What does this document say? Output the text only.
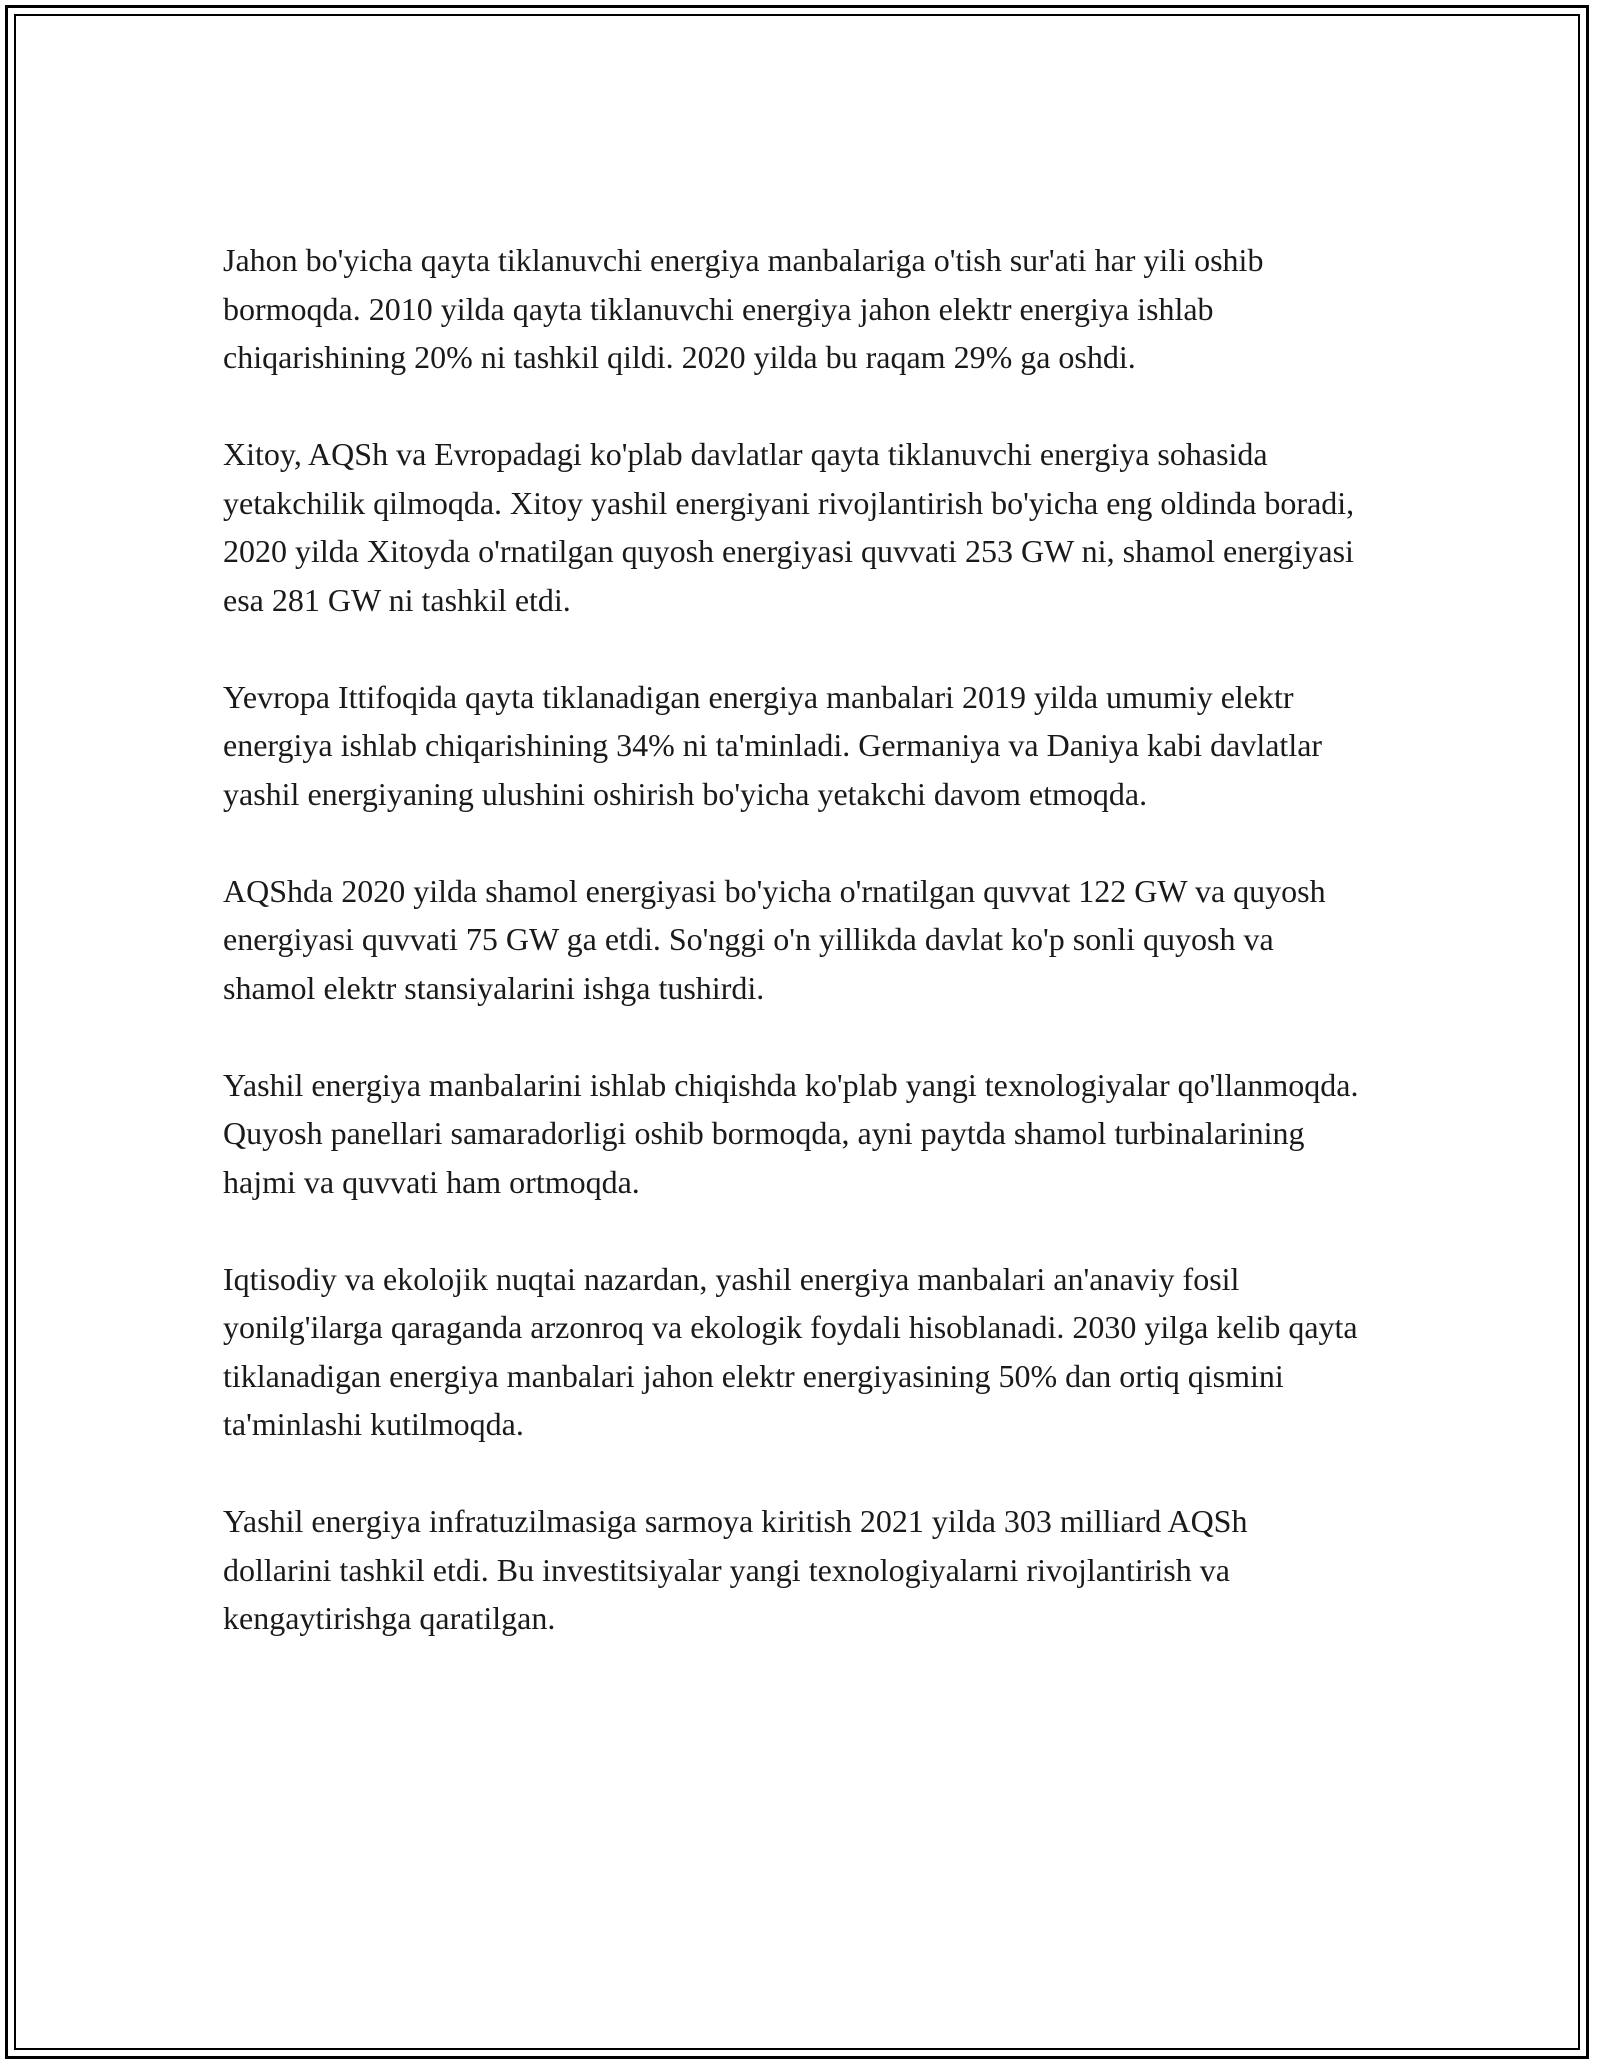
Jahon bo'yicha qayta tiklanuvchi energiya manbalariga o'tish sur'ati har yili oshib bormoqda. 2010 yilda qayta tiklanuvchi energiya jahon elektr energiya ishlab chiqarishining 20% ni tashkil qildi. 2020 yilda bu raqam 29% ga oshdi.

Xitoy, AQSh va Evropadagi ko'plab davlatlar qayta tiklanuvchi energiya sohasida yetakchilik qilmoqda. Xitoy yashil energiyani rivojlantirish bo'yicha eng oldinda boradi, 2020 yilda Xitoyda o'rnatilgan quyosh energiyasi quvvati 253 GW ni, shamol energiyasi esa 281 GW ni tashkil etdi.

Yevropa Ittifoqida qayta tiklanadigan energiya manbalari 2019 yilda umumiy elektr energiya ishlab chiqarishining 34% ni ta'minladi. Germaniya va Daniya kabi davlatlar yashil energiyaning ulushini oshirish bo'yicha yetakchi davom etmoqda.

AQShda 2020 yilda shamol energiyasi bo'yicha o'rnatilgan quvvat 122 GW va quyosh energiyasi quvvati 75 GW ga etdi. So'nggi o'n yillikda davlat ko'p sonli quyosh va shamol elektr stansiyalarini ishga tushirdi.

Yashil energiya manbalarini ishlab chiqishda ko'plab yangi texnologiyalar qo'llanmoqda. Quyosh panellari samaradorligi oshib bormoqda, ayni paytda shamol turbinalarining hajmi va quvvati ham ortmoqda.

Iqtisodiy va ekolojik nuqtai nazardan, yashil energiya manbalari an'anaviy fosil yonilg'ilarga qaraganda arzonroq va ekologik foydali hisoblanadi. 2030 yilga kelib qayta tiklanadigan energiya manbalari jahon elektr energiyasining 50% dan ortiq qismini ta'minlashi kutilmoqda.

Yashil energiya infratuzilmasiga sarmoya kiritish 2021 yilda 303 milliard AQSh dollarini tashkil etdi. Bu investitsiyalar yangi texnologiyalarni rivojlantirish va kengaytirishga qaratilgan.
